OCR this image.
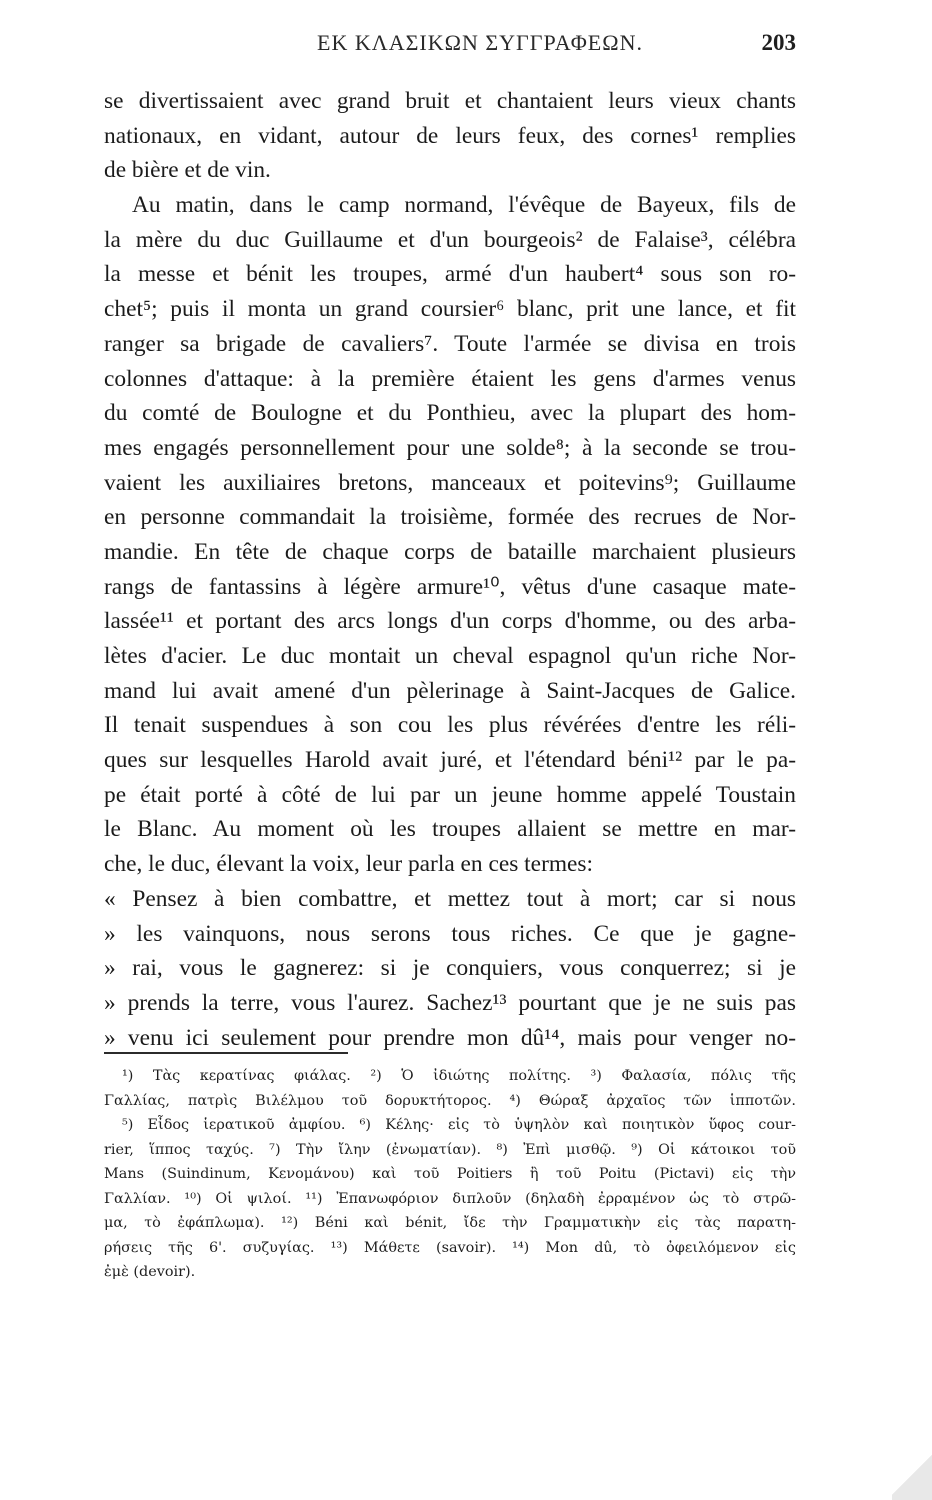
ΕΚ ΚΛΑΣΙΚΩΝ ΣΥΓΓΡΑΦΕΩΝ.	203
se divertissaient avec grand bruit et chantaient leurs vieux chants
nationaux, en vidant, autour de leurs feux, des cornes¹ remplies
de bière et de vin.
Au matin, dans le camp normand, l'évêque de Bayeux, fils de
la mère du duc Guillaume et d'un bourgeois² de Falaise³, célébra
la messe et bénit les troupes, armé d'un haubert⁴ sous son ro-
chet⁵; puis il monta un grand coursier⁶ blanc, prit une lance, et fit
ranger sa brigade de cavaliers⁷. Toute l'armée se divisa en trois
colonnes d'attaque: à la première étaient les gens d'armes venus
du comté de Boulogne et du Ponthieu, avec la plupart des hom-
mes engagés personnellement pour une solde⁸; à la seconde se trou-
vaient les auxiliaires bretons, manceaux et poitevins⁹; Guillaume
en personne commandait la troisième, formée des recrues de Nor-
mandie. En tête de chaque corps de bataille marchaient plusieurs
rangs de fantassins à légère armure¹⁰, vêtus d'une casaque mate-
lassée¹¹ et portant des arcs longs d'un corps d'homme, ou des arba-
lètes d'acier. Le duc montait un cheval espagnol qu'un riche Nor-
mand lui avait amené d'un pèlerinage à Saint-Jacques de Galice.
Il tenait suspendues à son cou les plus révérées d'entre les réli-
ques sur lesquelles Harold avait juré, et l'étendard béni¹² par le pa-
pe était porté à côté de lui par un jeune homme appelé Toustain
le Blanc. Au moment où les troupes allaient se mettre en mar-
che, le duc, élevant la voix, leur parla en ces termes:
« Pensez à bien combattre, et mettez tout à mort; car si nous
» les vainquons, nous serons tous riches. Ce que je gagne-
» rai, vous le gagnerez: si je conquiers, vous conquerrez; si je
» prends la terre, vous l'aurez. Sachez¹³ pourtant que je ne suis pas
» venu ici seulement pour prendre mon dû¹⁴, mais pour venger no-
¹) Τὰς κερατίνας φιάλας. ²) Ὁ ἰδιώτης πολίτης. ³) Φαλασία, πόλις τῆς
Γαλλίας, πατρὶς Βιλέλμου τοῦ δορυκτήτορος. ⁴) Θώραξ ἀρχαῖος τῶν ἱπποτῶν.
⁵) Εἶδος ἱερατικοῦ ἀμφίου. ⁶) Κέλης· εἰς τὸ ὑψηλὸν καὶ ποιητικὸν ὕφος cour-
rier, ἵππος ταχύς. ⁷) Τὴν ἴλην (ἐνωματίαν). ⁸) Ἐπὶ μισθῷ. ⁹) Οἱ κάτοικοι τοῦ
Mans (Suindinum, Κενομάνου) καὶ τοῦ Poitiers ἢ τοῦ Poitu (Pictavi) εἰς τὴν
Γαλλίαν. ¹⁰) Οἱ ψιλοί. ¹¹) Ἐπανωφόριον διπλοῦν (δηλαδὴ ἐρραμένον ὡς τὸ στρῶ-
μα, τὸ ἐφάπλωμα). ¹²) Béni καὶ bénit, ἴδε τὴν Γραμματικὴν εἰς τὰς παρατη-
ρήσεις τῆς 6'. συζυγίας. ¹³) Μάθετε (savoir). ¹⁴) Mon dû, τὸ ὀφειλόμενον εἰς
ἐμὲ (devoir).
